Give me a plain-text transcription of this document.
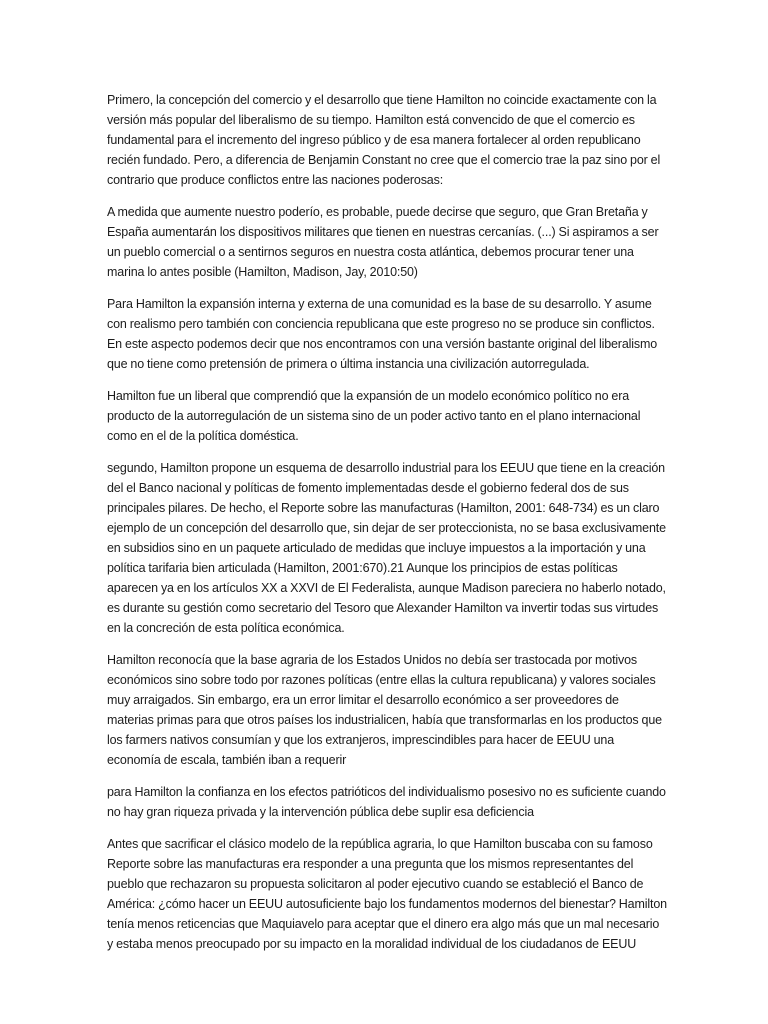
Primero, la concepción del comercio y el desarrollo que tiene Hamilton no coincide exactamente con la versión más popular del liberalismo de su tiempo. Hamilton está convencido de que el comercio es fundamental para el incremento del ingreso público y de esa manera fortalecer al orden republicano recién fundado. Pero, a diferencia de Benjamin Constant no cree que el comercio trae la paz sino por el contrario que produce conflictos entre las naciones poderosas:

A medida que aumente nuestro poderío, es probable, puede decirse que seguro, que Gran Bretaña y España aumentarán los dispositivos militares que tienen en nuestras cercanías. (...) Si aspiramos a ser un pueblo comercial o a sentirnos seguros en nuestra costa atlántica, debemos procurar tener una marina lo antes posible (Hamilton, Madison, Jay, 2010:50)

Para Hamilton la expansión interna y externa de una comunidad es la base de su desarrollo. Y asume con realismo pero también con conciencia republicana que este progreso no se produce sin conflictos. En este aspecto podemos decir que nos encontramos con una versión bastante original del liberalismo que no tiene como pretensión de primera o última instancia una civilización autorregulada.

Hamilton fue un liberal que comprendió que la expansión de un modelo económico político no era producto de la autorregulación de un sistema sino de un poder activo tanto en el plano internacional como en el de la política doméstica.

segundo, Hamilton propone un esquema de desarrollo industrial para los EEUU que tiene en la creación del el Banco nacional y políticas de fomento implementadas desde el gobierno federal dos de sus principales pilares. De hecho, el Reporte sobre las manufacturas (Hamilton, 2001: 648-734) es un claro ejemplo de un concepción del desarrollo que, sin dejar de ser proteccionista, no se basa exclusivamente en subsidios sino en un paquete articulado de medidas que incluye impuestos a la importación y una política tarifaria bien articulada (Hamilton, 2001:670).21 Aunque los principios de estas políticas aparecen ya en los artículos XX a XXVI de El Federalista, aunque Madison pareciera no haberlo notado, es durante su gestión como secretario del Tesoro que Alexander Hamilton va invertir todas sus virtudes en la concreción de esta política económica.

Hamilton reconocía que la base agraria de los Estados Unidos no debía ser trastocada por motivos económicos sino sobre todo por razones políticas (entre ellas la cultura republicana) y valores sociales muy arraigados. Sin embargo, era un error limitar el desarrollo económico a ser proveedores de materias primas para que otros países los industrialicen, había que transformarlas en los productos que los farmers nativos consumían y que los extranjeros, imprescindibles para hacer de EEUU una economía de escala, también iban a requerir

para Hamilton la confianza en los efectos patrióticos del individualismo posesivo no es suficiente cuando no hay gran riqueza privada y la intervención pública debe suplir esa deficiencia

Antes que sacrificar el clásico modelo de la república agraria, lo que Hamilton buscaba con su famoso Reporte sobre las manufacturas era responder a una pregunta que los mismos representantes del pueblo que rechazaron su propuesta solicitaron al poder ejecutivo cuando se estableció el Banco de América: ¿cómo hacer un EEUU autosuficiente bajo los fundamentos modernos del bienestar? Hamilton tenía menos reticencias que Maquiavelo para aceptar que el dinero era algo más que un mal necesario y estaba menos preocupado por su impacto en la moralidad individual de los ciudadanos de EEUU
